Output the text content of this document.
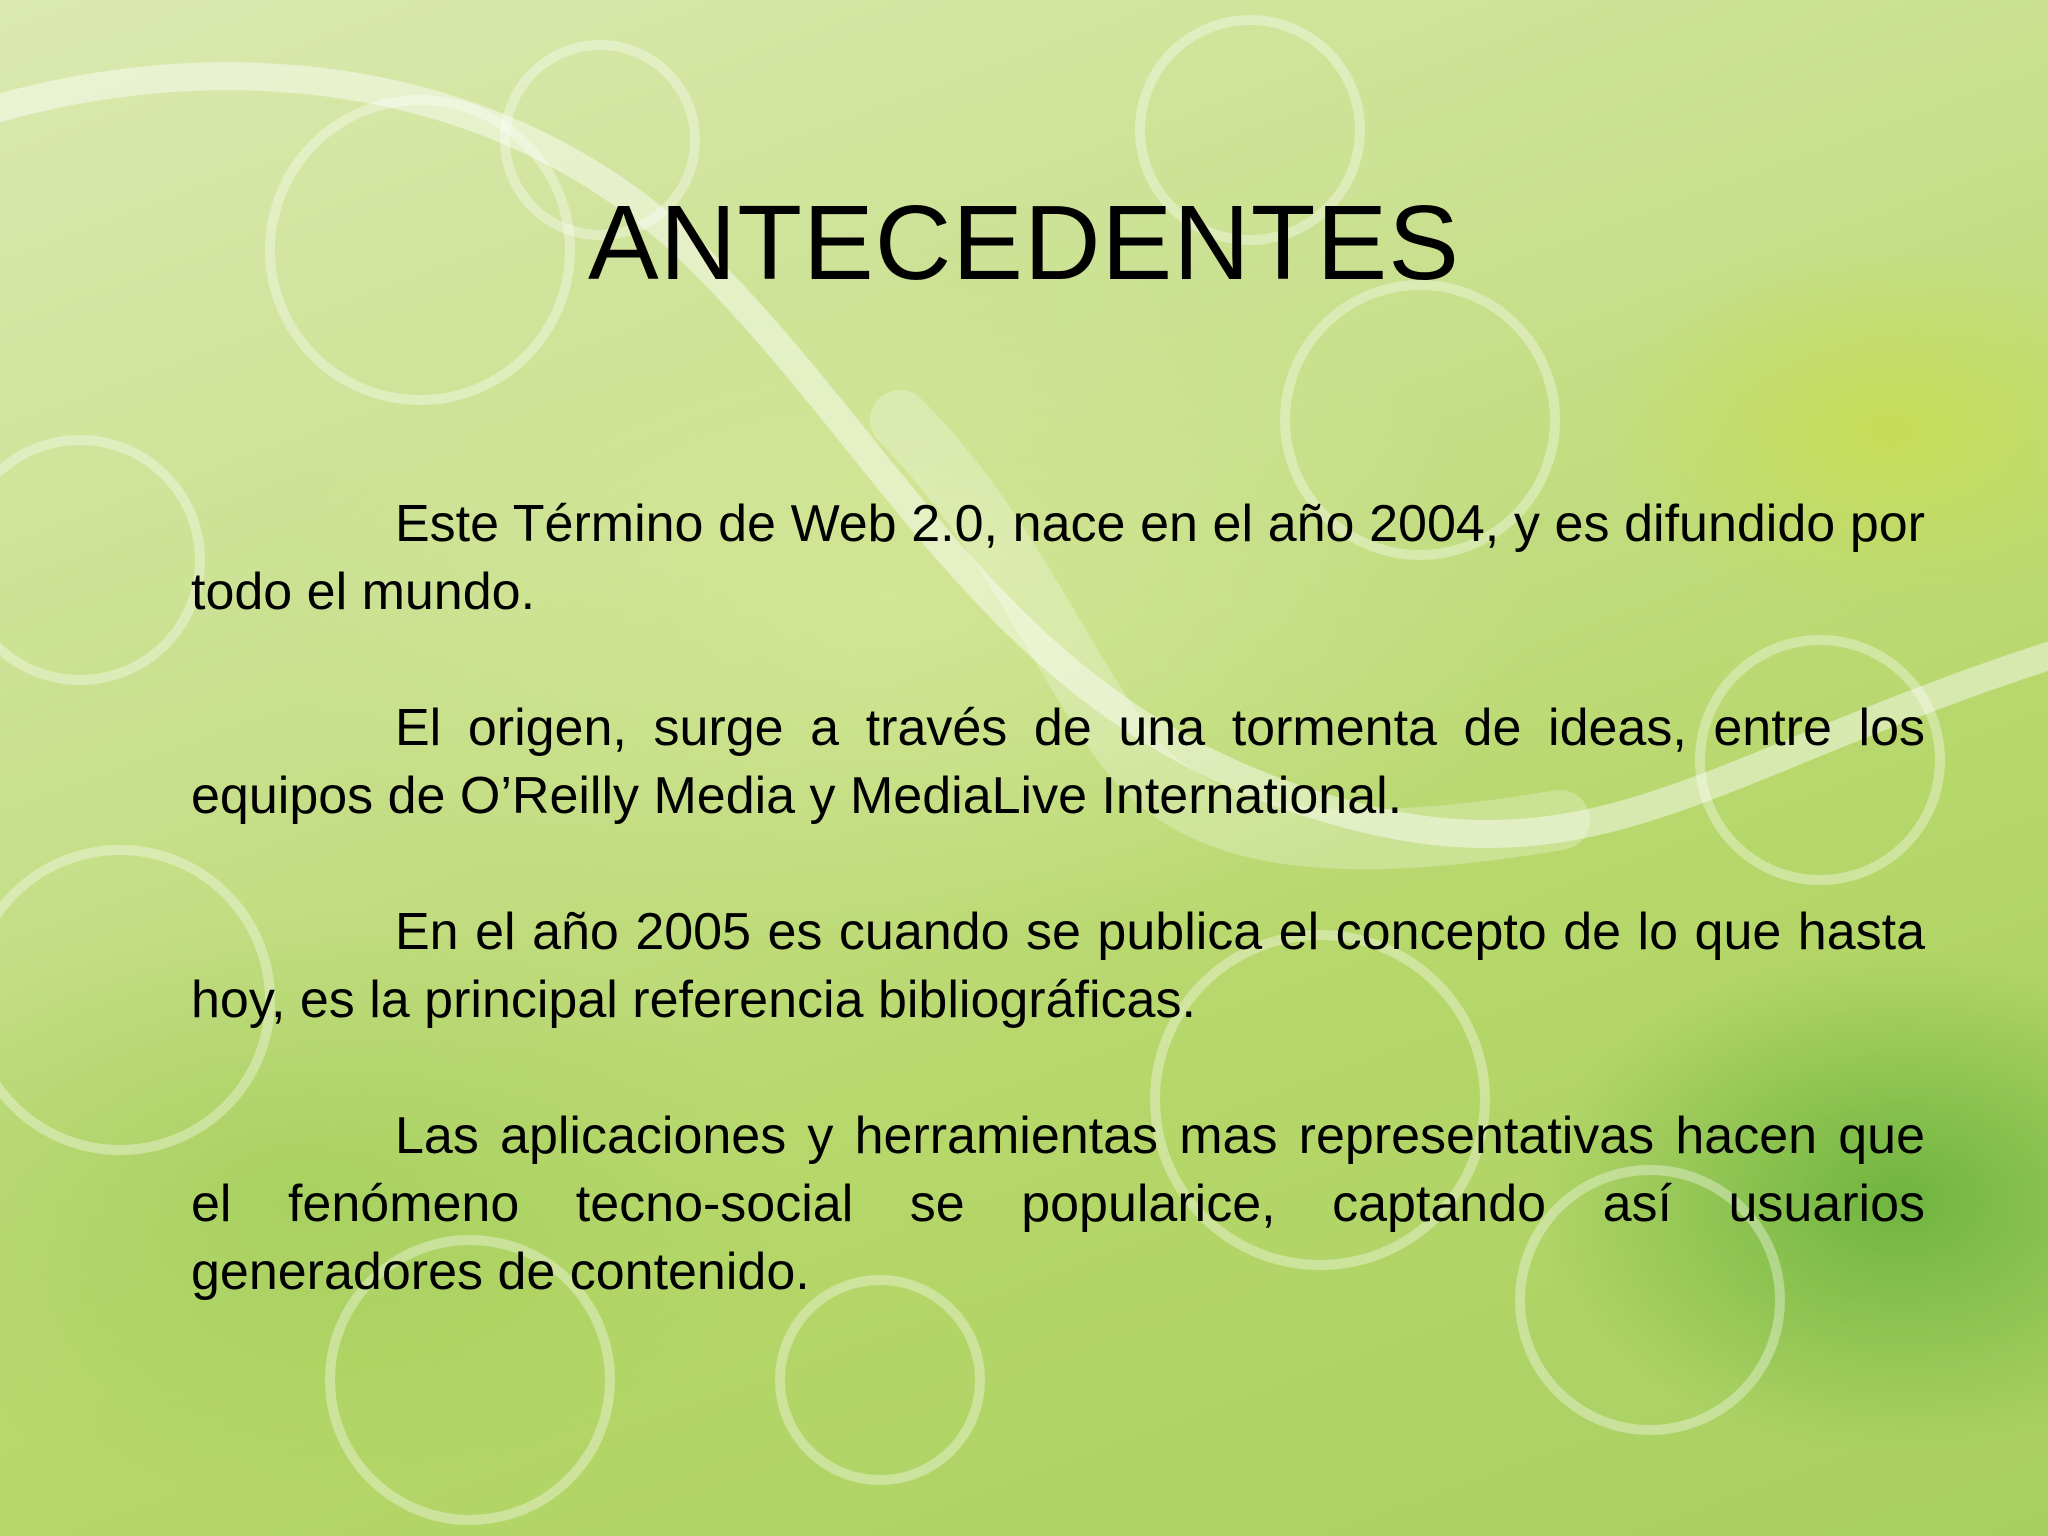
ANTECEDENTES

Este Término de Web 2.0, nace en el año 2004, y es difundido por todo el mundo.

El origen, surge a través de una tormenta de ideas, entre los equipos de O’Reilly Media y MediaLive International.

En el año 2005 es cuando se publica el concepto de lo que hasta hoy, es la principal referencia bibliográficas.

Las aplicaciones y herramientas mas representativas hacen que el fenómeno tecno-social se popularice, captando así usuarios generadores de contenido.
